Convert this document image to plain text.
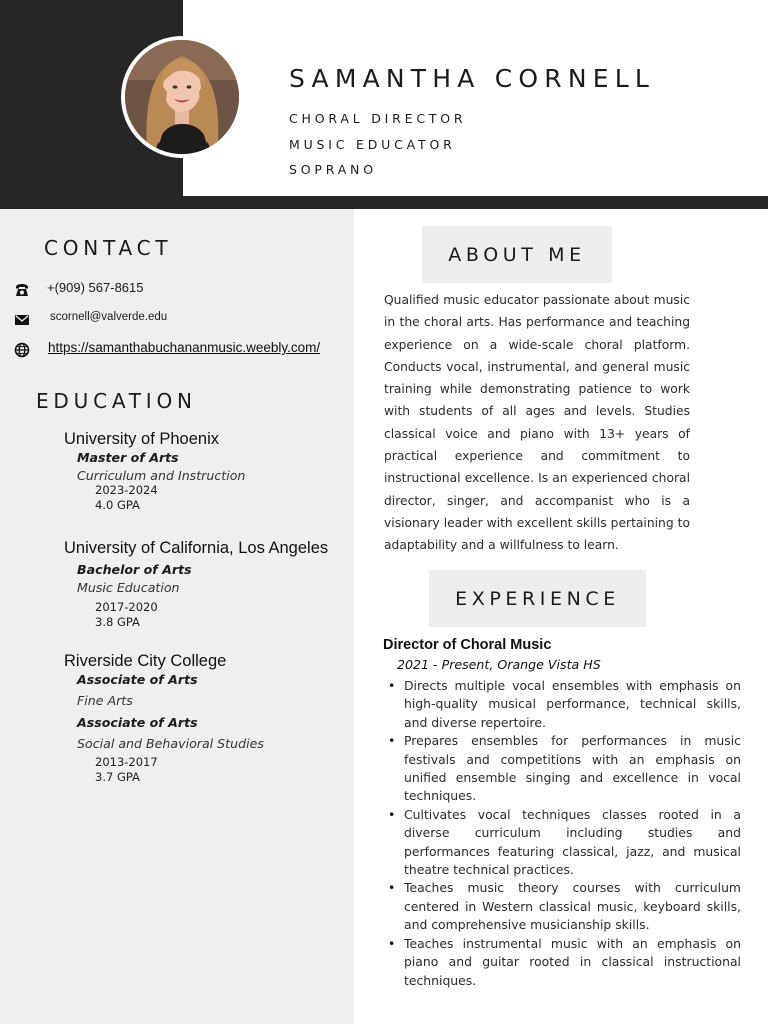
SAMANTHA CORNELL
CHORAL DIRECTOR
MUSIC EDUCATOR
SOPRANO
CONTACT
+(909) 567-8615
scornell@valverde.edu
https://samanthabuchananmusic.weebly.com/
EDUCATION
University of Phoenix
Master of Arts
Curriculum and Instruction
2023-2024
4.0 GPA
University of California, Los Angeles
Bachelor of Arts
Music Education
2017-2020
3.8 GPA
Riverside City College
Associate of Arts
Fine Arts
Associate of Arts
Social and Behavioral Studies
2013-2017
3.7 GPA
ABOUT ME

Qualified music educator passionate about music in the choral arts. Has performance and teaching experience on a wide-scale choral platform. Conducts vocal, instrumental, and general music training while demonstrating patience to work with students of all ages and levels. Studies classical voice and piano with 13+ years of practical experience and commitment to instructional excellence. Is an experienced choral director, singer, and accompanist who is a visionary leader with excellent skills pertaining to adaptability and a willfulness to learn.

EXPERIENCE
Director of Choral Music
2021 - Present, Orange Vista HS
• Directs multiple vocal ensembles with emphasis on high-quality musical performance, technical skills, and diverse repertoire.
• Prepares ensembles for performances in music festivals and competitions with an emphasis on unified ensemble singing and excellence in vocal techniques.
• Cultivates vocal techniques classes rooted in a diverse curriculum including studies and performances featuring classical, jazz, and musical theatre technical practices.
• Teaches music theory courses with curriculum centered in Western classical music, keyboard skills, and comprehensive musicianship skills.
• Teaches instrumental music with an emphasis on piano and guitar rooted in classical instructional techniques.
